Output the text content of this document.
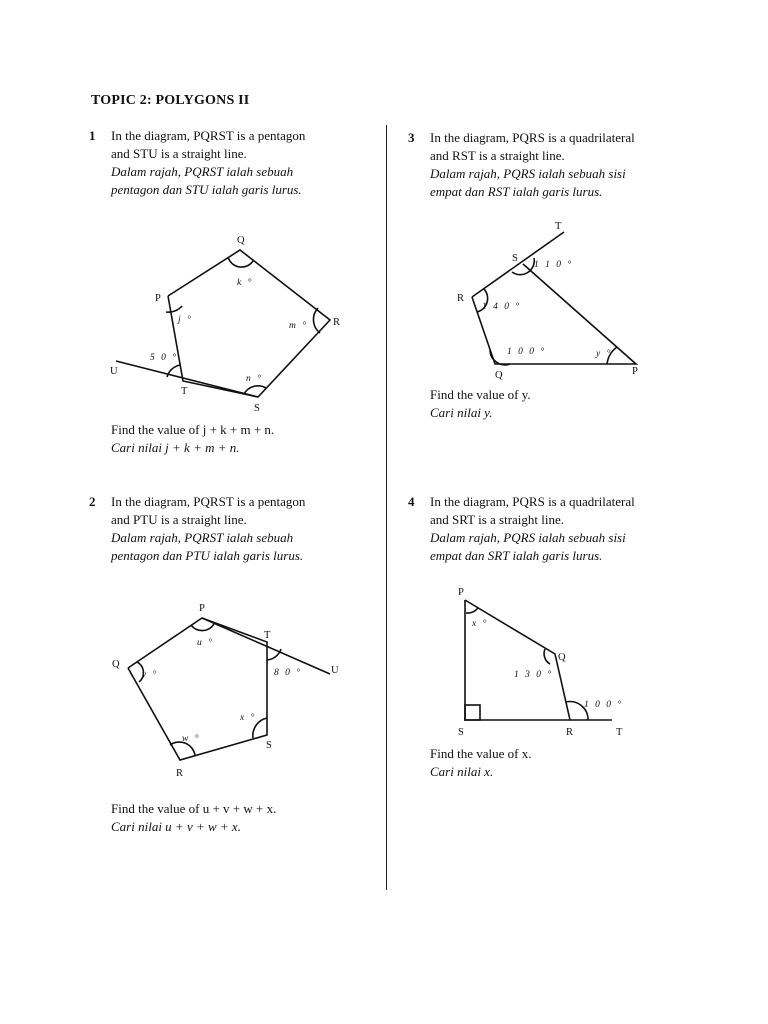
TOPIC 2: POLYGONS II
1 In the diagram, PQRST is a pentagon
and STU is a straight line.
Dalam rajah, PQRST ialah sebuah
pentagon dan STU ialah garis lurus.
Q
P
R
S
T
U
k °
j °
m °
n °
5 0 °
Find the value of j + k + m + n.
Cari nilai j + k + m + n.
3 In the diagram, PQRS is a quadrilateral
and RST is a straight line.
Dalam rajah, PQRS ialah sebuah sisi
empat dan RST ialah garis lurus.
T
S
R
Q	P
1 1 0 °
1 4 0 °
1 0 0 °	y °
Find the value of y.
Cari nilai y.
2 In the diagram, PQRST is a pentagon
and PTU is a straight line.
Dalam rajah, PQRST ialah sebuah
pentagon dan PTU ialah garis lurus.
P
Q
R
S
T
U
u °
v °
w °
x °
8 0 °
Find the value of u + v + w + x.
Cari nilai u + v + w + x.
4 In the diagram, PQRS is a quadrilateral
and SRT is a straight line.
Dalam rajah, PQRS ialah sebuah sisi
empat dan SRT ialah garis lurus.
P
Q
R
S	T
x °
1 3 0 °
1 0 0 °
Find the value of x.
Cari nilai x.
